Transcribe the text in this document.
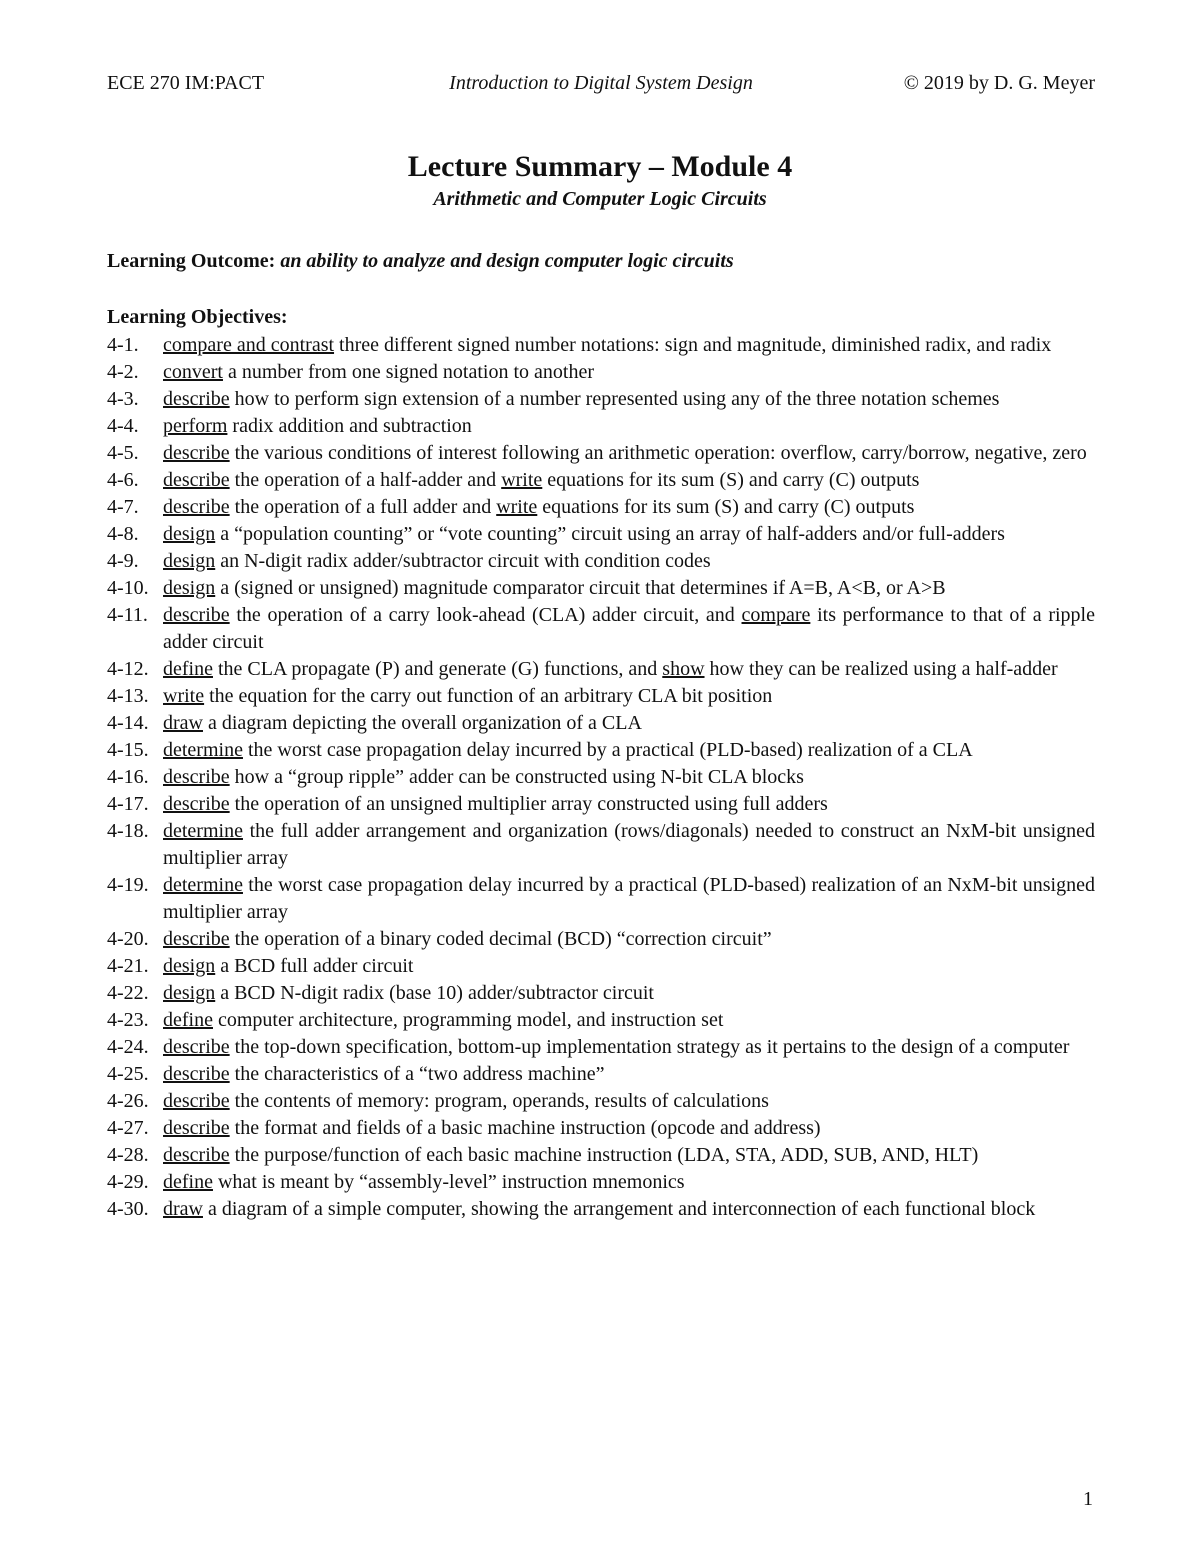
Introduction to Digital System Design
ECE 270 IM:PACT	© 2019 by D. G. Meyer
Lecture Summary – Module 4
Arithmetic and Computer Logic Circuits
Learning Outcome: an ability to analyze and design computer logic circuits
Learning Objectives:
4-1. compare and contrast three different signed number notations: sign and magnitude, diminished radix, and radix
4-2. convert a number from one signed notation to another
4-3. describe how to perform sign extension of a number represented using any of the three notation schemes
4-4. perform radix addition and subtraction
4-5. describe the various conditions of interest following an arithmetic operation: overflow, carry/borrow, negative, zero
4-6. describe the operation of a half-adder and write equations for its sum (S) and carry (C) outputs
4-7. describe the operation of a full adder and write equations for its sum (S) and carry (C) outputs
4-8. design a “population counting” or “vote counting” circuit using an array of half-adders and/or full-adders
4-9. design an N-digit radix adder/subtractor circuit with condition codes
4-10. design a (signed or unsigned) magnitude comparator circuit that determines if A=B, A<B, or A>B
4-11. describe the operation of a carry look-ahead (CLA) adder circuit, and compare its performance to that of a ripple adder circuit
4-12. define the CLA propagate (P) and generate (G) functions, and show how they can be realized using a half-adder
4-13. write the equation for the carry out function of an arbitrary CLA bit position
4-14. draw a diagram depicting the overall organization of a CLA
4-15. determine the worst case propagation delay incurred by a practical (PLD-based) realization of a CLA
4-16. describe how a “group ripple” adder can be constructed using N-bit CLA blocks
4-17. describe the operation of an unsigned multiplier array constructed using full adders
4-18. determine the full adder arrangement and organization (rows/diagonals) needed to construct an NxM-bit unsigned multiplier array
4-19. determine the worst case propagation delay incurred by a practical (PLD-based) realization of an NxM-bit unsigned multiplier array
4-20. describe the operation of a binary coded decimal (BCD) “correction circuit”
4-21. design a BCD full adder circuit
4-22. design a BCD N-digit radix (base 10) adder/subtractor circuit
4-23. define computer architecture, programming model, and instruction set
4-24. describe the top-down specification, bottom-up implementation strategy as it pertains to the design of a computer
4-25. describe the characteristics of a “two address machine”
4-26. describe the contents of memory: program, operands, results of calculations
4-27. describe the format and fields of a basic machine instruction (opcode and address)
4-28. describe the purpose/function of each basic machine instruction (LDA, STA, ADD, SUB, AND, HLT)
4-29. define what is meant by “assembly-level” instruction mnemonics
4-30. draw a diagram of a simple computer, showing the arrangement and interconnection of each functional block
1
